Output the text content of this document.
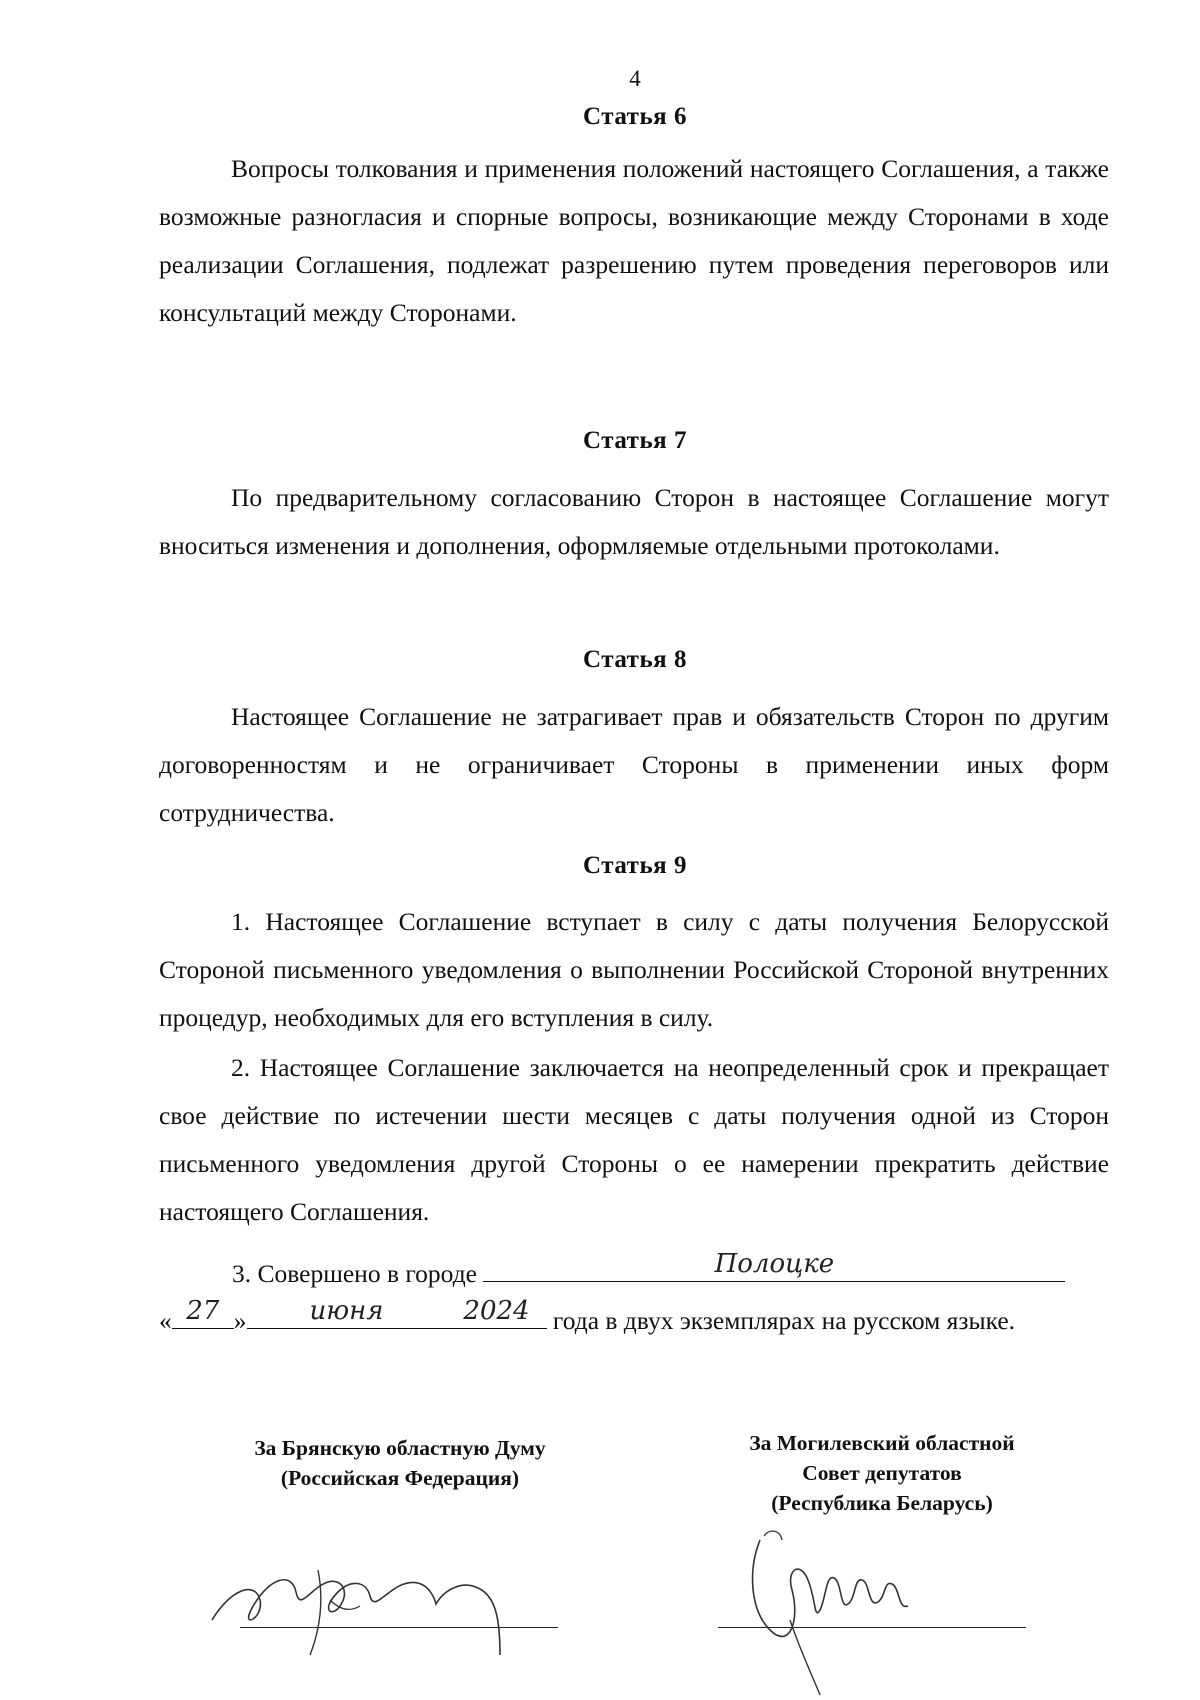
4
Статья 6
Вопросы толкования и применения положений настоящего Соглашения, а также возможные разногласия и спорные вопросы, возникающие между Сторонами в ходе реализации Соглашения, подлежат разрешению путем проведения переговоров или консультаций между Сторонами.
Статья 7
По предварительному согласованию Сторон в настоящее Соглашение могут вноситься изменения и дополнения, оформляемые отдельными протоколами.
Статья 8
Настоящее Соглашение не затрагивает прав и обязательств Сторон по другим договоренностям и не ограничивает Стороны в применении иных форм сотрудничества.
Статья 9
1. Настоящее Соглашение вступает в силу с даты получения Белорусской Стороной письменного уведомления о выполнении Российской Стороной внутренних процедур, необходимых для его вступления в силу.
2. Настоящее Соглашение заключается на неопределенный срок и прекращает свое действие по истечении шести месяцев с даты получения одной из Сторон письменного уведомления другой Стороны о ее намерении прекратить действие настоящего Соглашения.
3. Совершено в городе	Полоцке
« 27 »	июня	2024 года в двух экземплярах на русском языке.
За Брянскую областную Думу
(Российская Федерация)
За Могилевский областной
Совет депутатов
(Республика Беларусь)
